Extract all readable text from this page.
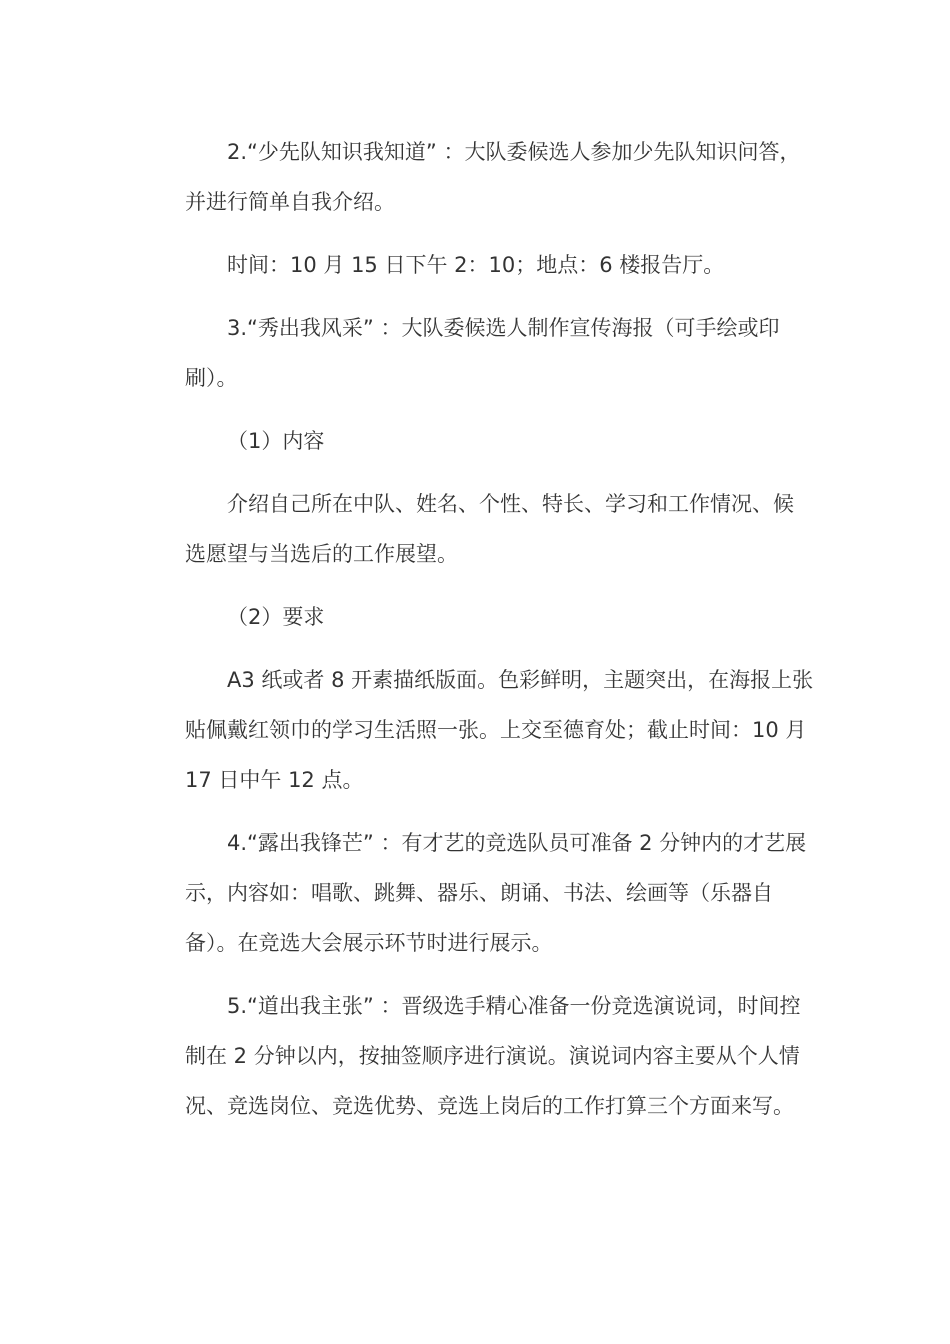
2.“少先队知识我知道” ：大队委候选人参加少先队知识问答，
并进行简单自我介绍。
时间：10 月 15 日下午 2：10；地点：6 楼报告厅。
3.“秀出我风采” ：大队委候选人制作宣传海报（可手绘或印
刷）。
（1）内容
介绍自己所在中队、姓名、个性、特长、学习和工作情况、候
选愿望与当选后的工作展望。
（2）要求
A3 纸或者 8 开素描纸版面。色彩鲜明，主题突出，在海报上张
贴佩戴红领巾的学习生活照一张。上交至德育处；截止时间：10 月
17 日中午 12 点。
4.“露出我锋芒” ：有才艺的竞选队员可准备 2 分钟内的才艺展
示，内容如：唱歌、跳舞、器乐、朗诵、书法、绘画等（乐器自
备）。在竞选大会展示环节时进行展示。
5.“道出我主张” ：晋级选手精心准备一份竞选演说词，时间控
制在 2 分钟以内，按抽签顺序进行演说。演说词内容主要从个人情
况、竞选岗位、竞选优势、竞选上岗后的工作打算三个方面来写。
